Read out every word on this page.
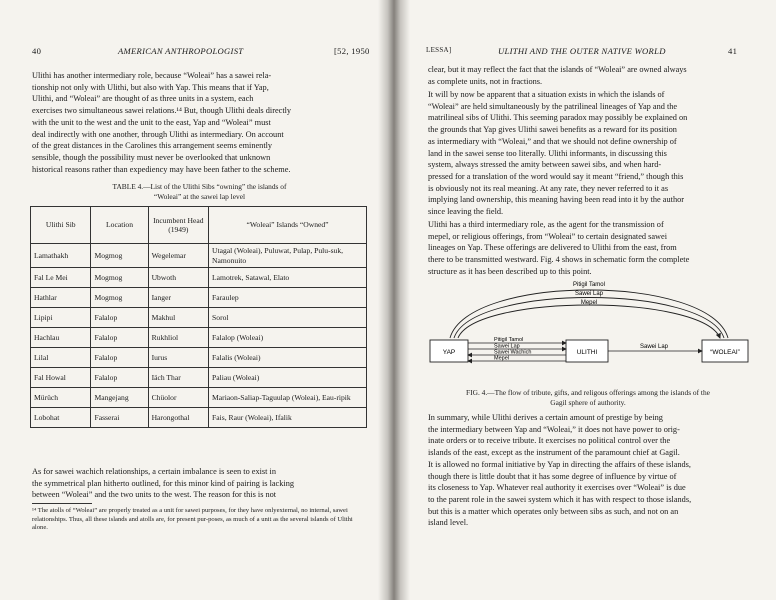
40	AMERICAN ANTHROPOLOGIST	[52, 1950
Ulithi has another intermediary role, because “Woleai” has a sawei rela-
tionship not only with Ulithi, but also with Yap. This means that if Yap,
Ulithi, and “Woleai” are thought of as three units in a system, each
exercises two simultaneous sawei relations.¹⁴ But, though Ulithi deals directly
with the unit to the west and the unit to the east, Yap and “Woleai” must
deal indirectly with one another, through Ulithi as intermediary. On account
of the great distances in the Carolines this arrangement seems eminently
sensible, though the possibility must never be overlooked that unknown
historical reasons rather than expediency may have been father to the scheme.
TABLE 4.—List of the Ulithi Sibs “owning” the islands of
“Woleai” at the sawei lap level
Ulithi Sib	Location	Incumbent Head (1949)	“Woleai” Islands “Owned”
Lamathakh	Mogmog	Wegelemar	Utagal (Woleai), Puluwat, Pulap, Pulu-suk, Namonuito
Fal Le Mei	Mogmog	Ubwoth	Lamotrek, Satawal, Elato
Hathlar	Mogmog	Ianger	Faraulep
Lipipi	Falalop	Makhul	Sorol
Hachlau	Falalop	Rukhliol	Falalop (Woleai)
Lilal	Falalop	Iurus	Falalis (Woleai)
Fal Howal	Falalop	Iäch Thar	Paliau (Woleai)
Mürüch	Mangejang	Chüolor	Mariaon-Saliap-Taguulap (Woleai), Eau-ripik
Lobohat	Fasserai	Harongothal	Fais, Raur (Woleai), Ifalik
As for sawei wachich relationships, a certain imbalance is seen to exist in
the symmetrical plan hitherto outlined, for this minor kind of pairing is lacking
between “Woleai” and the two units to the west. The reason for this is not
¹⁴ The atolls of “Woleai” are properly treated as a unit for sawei purposes, for they have onlyexternal, no internal, sawei relationships. Thus, all these islands and atolls are, for present pur-poses, as much of a unit as the several islands of Ulithi alone.
LESSA]	ULITHI AND THE OUTER NATIVE WORLD	41
clear, but it may reflect the fact that the islands of “Woleai” are owned always
as complete units, not in fractions.
It will by now be apparent that a situation exists in which the islands of
“Woleai” are held simultaneously by the patrilineal lineages of Yap and the
matrilineal sibs of Ulithi. This seeming paradox may possibly be explained on
the grounds that Yap gives Ulithi sawei benefits as a reward for its position
as intermediary with “Woleai,” and that we should not define ownership of
land in the sawei sense too literally. Ulithi informants, in discussing this
system, always stressed the amity between sawei sibs, and when hard-
pressed for a translation of the word would say it meant “friend,” though this
is obviously not its real meaning. At any rate, they never referred to it as
implying land ownership, this meaning having been read into it by the author
since leaving the field.
Ulithi has a third intermediary role, as the agent for the transmission of
mepel, or religious offerings, from “Woleai” to certain designated sawei
lineages on Yap. These offerings are delivered to Ulithi from the east, from
there to be transmitted westward. Fig. 4 shows in schematic form the complete
structure as it has been described up to this point.
Pitigil Tamol
Sawei Lap
Mepel
YAP	ULITHI	“WOLEAI”
Pitigil Tamol
Sawei Lap
Sawei Wachich
Mepel
Sawei Lap
FIG. 4.—The flow of tribute, gifts, and religous offerings among the islands of the
Gagil sphere of authority.
In summary, while Ulithi derives a certain amount of prestige by being
the intermediary between Yap and “Woleai,” it does not have power to orig-
inate orders or to receive tribute. It exercises no political control over the
islands of the east, except as the instrument of the paramount chief at Gagil.
It is allowed no formal initiative by Yap in directing the affairs of these islands,
though there is little doubt that it has some degree of influence by virtue of
its closeness to Yap. Whatever real authority it exercises over “Woleai” is due
to the parent role in the sawei system which it has with respect to those islands,
but this is a matter which operates only between sibs as such, and not on an
island level.
